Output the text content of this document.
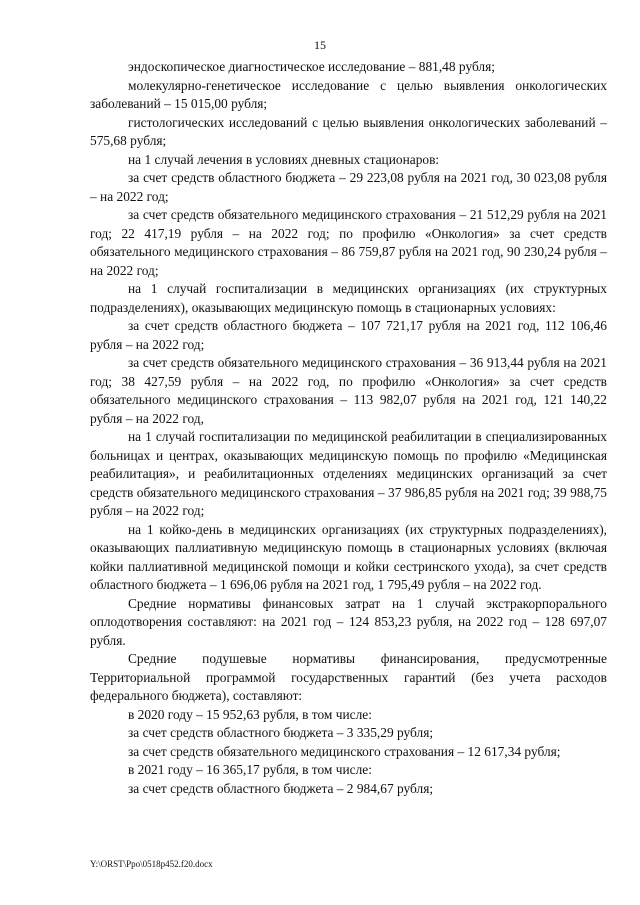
15

эндоскопическое диагностическое исследование – 881,48 рубля;

молекулярно-генетическое исследование с целью выявления онкологических заболеваний – 15 015,00 рубля;

гистологических исследований с целью выявления онкологических заболеваний – 575,68 рубля;

на 1 случай лечения в условиях дневных стационаров:

за счет средств областного бюджета – 29 223,08 рубля на 2021 год, 30 023,08 рубля – на 2022 год;

за счет средств обязательного медицинского страхования – 21 512,29 рубля на 2021 год; 22 417,19 рубля – на 2022 год; по профилю «Онкология» за счет средств обязательного медицинского страхования – 86 759,87 рубля на 2021 год, 90 230,24 рубля – на 2022 год;

на 1 случай госпитализации в медицинских организациях (их структурных подразделениях), оказывающих медицинскую помощь в стационарных условиях:

за счет средств областного бюджета – 107 721,17 рубля на 2021 год, 112 106,46 рубля – на 2022 год;

за счет средств обязательного медицинского страхования – 36 913,44 рубля на 2021 год; 38 427,59 рубля – на 2022 год, по профилю «Онкология» за счет средств обязательного медицинского страхования – 113 982,07 рубля на 2021 год, 121 140,22 рубля – на 2022 год,

на 1 случай госпитализации по медицинской реабилитации в специализированных больницах и центрах, оказывающих медицинскую помощь по профилю «Медицинская реабилитация», и реабилитационных отделениях медицинских организаций за счет средств обязательного медицинского страхования – 37 986,85 рубля на 2021 год; 39 988,75 рубля – на 2022 год;

на 1 койко-день в медицинских организациях (их структурных подразделениях), оказывающих паллиативную медицинскую помощь в стационарных условиях (включая койки паллиативной медицинской помощи и койки сестринского ухода), за счет средств областного бюджета – 1 696,06 рубля на 2021 год, 1 795,49 рубля – на 2022 год.

Средние нормативы финансовых затрат на 1 случай экстракорпорального оплодотворения составляют: на 2021 год – 124 853,23 рубля, на 2022 год – 128 697,07 рубля.

Средние подушевые нормативы финансирования, предусмотренные Территориальной программой государственных гарантий (без учета расходов федерального бюджета), составляют:

в 2020 году – 15 952,63 рубля, в том числе:

за счет средств областного бюджета – 3 335,29 рубля;

за счет средств обязательного медицинского страхования – 12 617,34 рубля;

в 2021 году – 16 365,17 рубля, в том числе:

за счет средств областного бюджета – 2 984,67 рубля;

Y:\ORST\Ppo\0518p452.f20.docx
